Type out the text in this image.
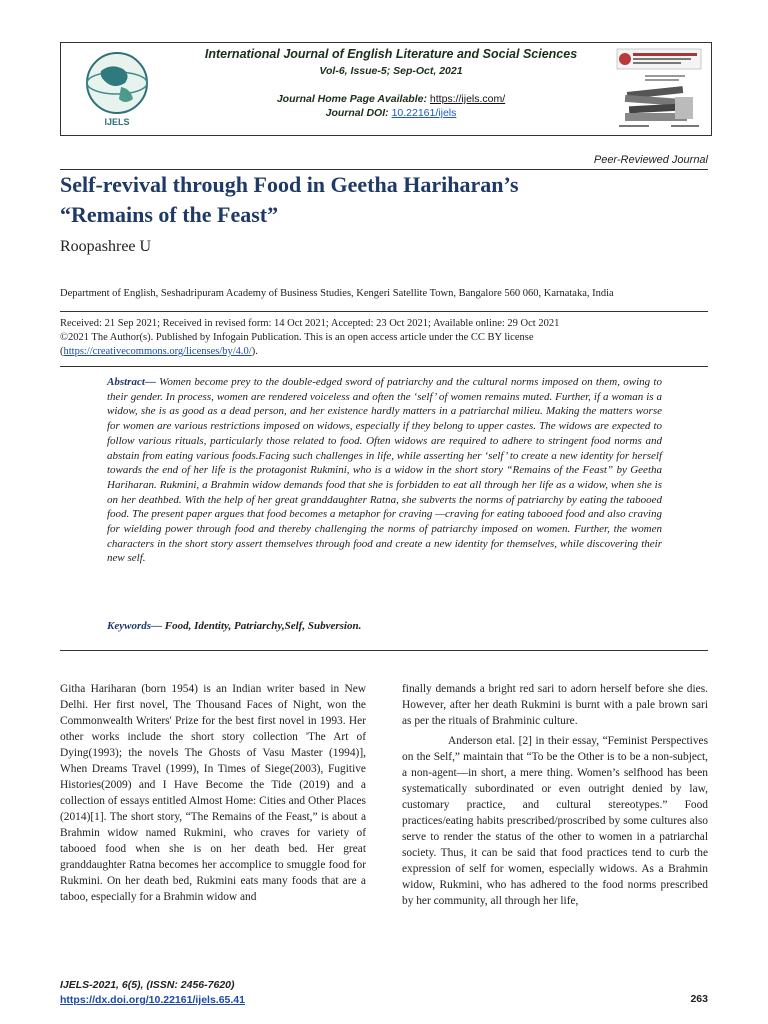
IJELS
International Journal of English Literature and Social Sciences
Vol-6, Issue-5; Sep-Oct, 2021
Journal Home Page Available: https://ijels.com/
Journal DOI: 10.22161/ijels
Peer-Reviewed Journal
Self-revival through Food in Geetha Hariharan’s
“Remains of the Feast”
Roopashree U
Department of English, Seshadripuram Academy of Business Studies, Kengeri Satellite Town, Bangalore 560 060, Karnataka, India
Received: 21 Sep 2021; Received in revised form: 14 Oct 2021; Accepted: 23 Oct 2021; Available online: 29 Oct 2021
©2021 The Author(s). Published by Infogain Publication. This is an open access article under the CC BY license
(https://creativecommons.org/licenses/by/4.0/).
Abstract— Women become prey to the double-edged sword of patriarchy and the cultural norms imposed on them, owing to their gender. In process, women are rendered voiceless and often the ‘self’ of women remains muted. Further, if a woman is a widow, she is as good as a dead person, and her existence hardly matters in a patriarchal milieu. Making the matters worse for women are various restrictions imposed on widows, especially if they belong to upper castes. The widows are expected to follow various rituals, particularly those related to food. Often widows are required to adhere to stringent food norms and abstain from eating various foods.Facing such challenges in life, while asserting her ‘self’ to create a new identity for herself towards the end of her life is the protagonist Rukmini, who is a widow in the short story “Remains of the Feast” by Geetha Hariharan. Rukmini, a Brahmin widow demands food that she is forbidden to eat all through her life as a widow, when she is on her deathbed. With the help of her great granddaughter Ratna, she subverts the norms of patriarchy by eating the tabooed food. The present paper argues that food becomes a metaphor for craving —craving for eating tabooed food and also craving for wielding power through food and thereby challenging the norms of patriarchy imposed on women. Further, the women characters in the short story assert themselves through food and create a new identity for themselves, while discovering their new self.
Keywords— Food, Identity, Patriarchy,Self, Subversion.

Githa Hariharan (born 1954) is an Indian writer based in New Delhi. Her first novel, The Thousand Faces of Night, won the Commonwealth Writers' Prize for the best first novel in 1993. Her other works include the short story collection 'The Art of Dying(1993); the novels The Ghosts of Vasu Master (1994)], When Dreams Travel (1999), In Times of Siege(2003), Fugitive Histories(2009) and I Have Become the Tide (2019) and a collection of essays entitled Almost Home: Cities and Other Places (2014)[1]. The short story, “The Remains of the Feast,” is about a Brahmin widow named Rukmini, who craves for variety of tabooed food when she is on her death bed. Her great granddaughter Ratna becomes her accomplice to smuggle food for Rukmini. On her death bed, Rukmini eats many foods that are a taboo, especially for a Brahmin widow and

finally demands a bright red sari to adorn herself before she dies. However, after her death Rukmini is burnt with a pale brown sari as per the rituals of Brahminic culture.

Anderson etal. [2] in their essay, “Feminist Perspectives on the Self,” maintain that “To be the Other is to be a non-subject, a non-agent—in short, a mere thing. Women’s selfhood has been systematically subordinated or even outright denied by law, customary practice, and cultural stereotypes.” Food practices/eating habits prescribed/proscribed by some cultures also serve to render the status of the other to women in a patriarchal society. Thus, it can be said that food practices tend to curb the expression of self for women, especially widows. As a Brahmin widow, Rukmini, who has adhered to the food norms prescribed by her community, all through her life,

IJELS-2021, 6(5), (ISSN: 2456-7620)
https://dx.doi.org/10.22161/ijels.65.41	263
